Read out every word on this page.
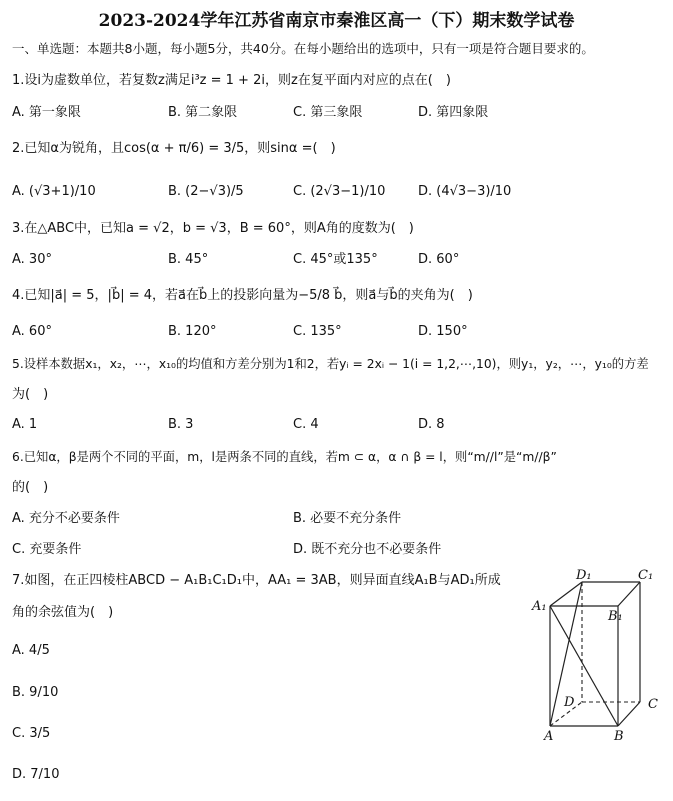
2023-2024学年江苏省南京市秦淮区高一（下）期末数学试卷
一、单选题：本题共8小题，每小题5分，共40分。在每小题给出的选项中，只有一项是符合题目要求的。
1.设i为虚数单位，若复数z满足i³z = 1 + 2i，则z在复平面内对应的点在(　)
A. 第一象限	B. 第二象限	C. 第三象限	D. 第四象限
2.已知α为锐角，且cos(α + π/6) = 3/5，则sinα =(　)
A. (√3+1)/10	B. (2−√3)/5	C. (2√3−1)/10	D. (4√3−3)/10
3.在△ABC中，已知a = √2，b = √3，B = 60°，则A角的度数为(　)
A. 30°	B. 45°	C. 45°或135°	D. 60°
4.已知|a⃗| = 5，|b⃗| = 4，若a⃗在b⃗上的投影向量为−5/8 b⃗，则a⃗与b⃗的夹角为(　)
A. 60°	B. 120°	C. 135°	D. 150°
5.设样本数据x₁，x₂，⋯，x₁₀的均值和方差分别为1和2，若yᵢ = 2xᵢ − 1(i = 1,2,⋯,10)，则y₁，y₂，⋯，y₁₀的方差
为(　)
A. 1	B. 3	C. 4	D. 8
6.已知α，β是两个不同的平面，m，l是两条不同的直线，若m ⊂ α，α ∩ β = l，则“m//l”是“m//β”
的(　)
A. 充分不必要条件	B. 必要不充分条件
C. 充要条件	D. 既不充分也不必要条件
7.如图，在正四棱柱ABCD − A₁B₁C₁D₁中，AA₁ = 3AB，则异面直线A₁B与AD₁所成
角的余弦值为(　)
A. 4/5
B. 9/10
C. 3/5
D. 7/10
A₁
D₁	C₁
B₁
D	C
A	B
